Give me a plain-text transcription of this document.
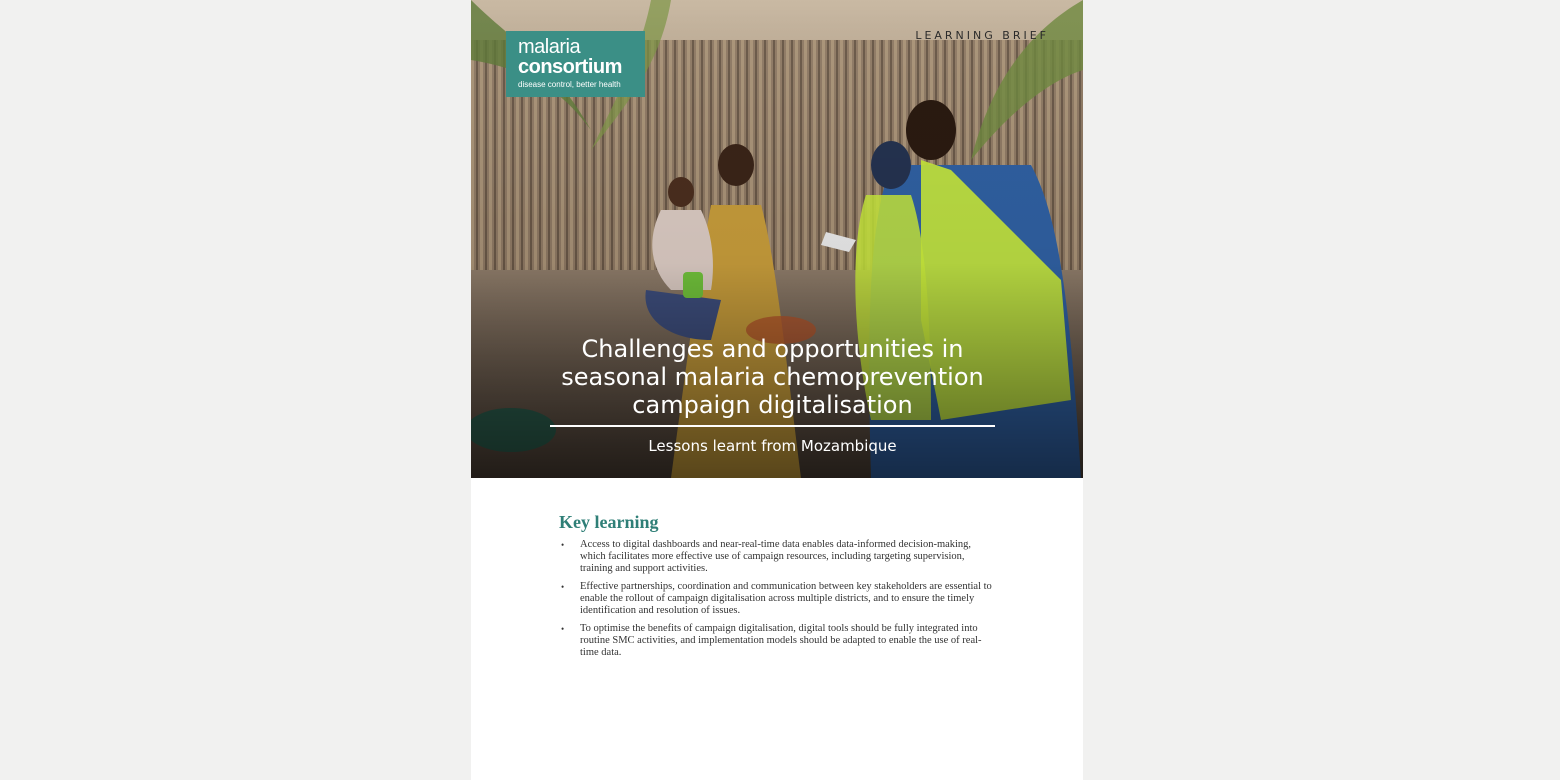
malaria
consortium
disease control, better health
LEARNING BRIEF
Challenges and opportunities in seasonal malaria chemoprevention campaign digitalisation
Lessons learnt from Mozambique
Key learning
• Access to digital dashboards and near-real-time data enables data-informed decision-making, which facilitates more effective use of campaign resources, including targeting supervision, training and support activities.
• Effective partnerships, coordination and communication between key stakeholders are essential to enable the rollout of campaign digitalisation across multiple districts, and to ensure the timely identification and resolution of issues.
• To optimise the benefits of campaign digitalisation, digital tools should be fully integrated into routine SMC activities, and implementation models should be adapted to enable the use of real-time data.
